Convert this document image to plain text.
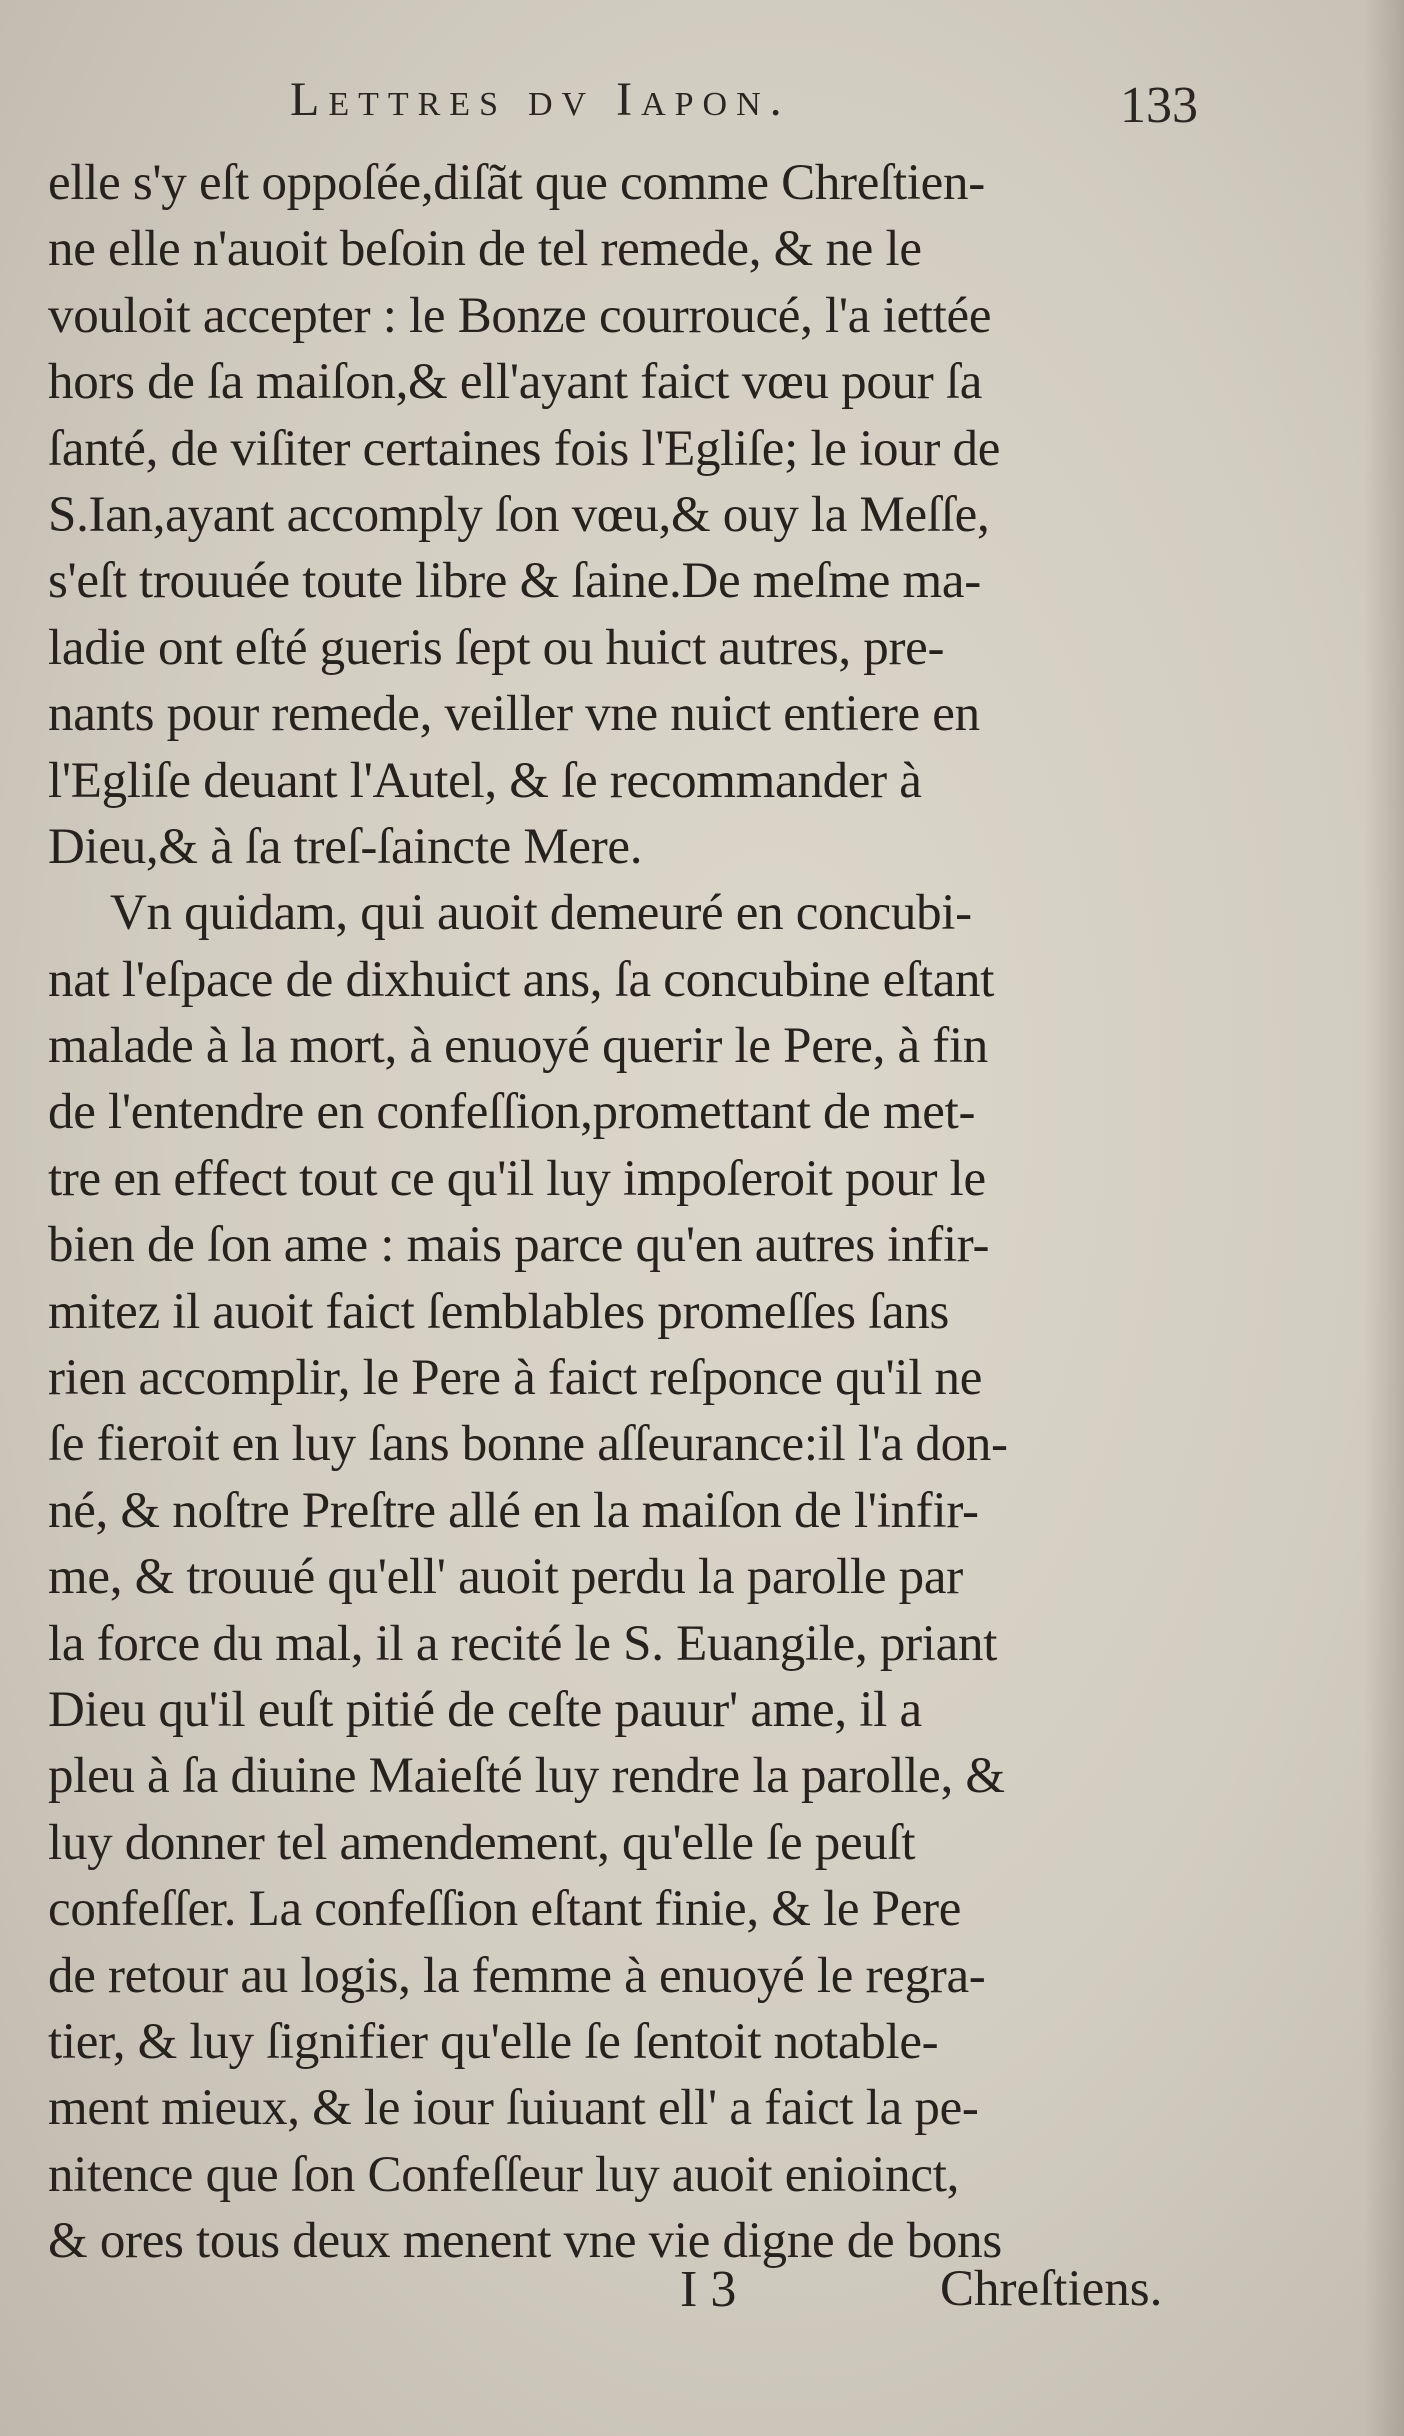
Lettres dv Iapon.	133
elle s'y eſt oppoſée,diſãt que comme Chreſtien-
ne elle n'auoit beſoin de tel remede, & ne le
vouloit accepter : le Bonze courroucé, l'a iettée
hors de ſa maiſon,& ell'ayant faict vœu pour ſa
ſanté, de viſiter certaines fois l'Egliſe; le iour de
S.Ian,ayant accomply ſon vœu,& ouy la Meſſe,
s'eſt trouuée toute libre & ſaine.De meſme ma-
ladie ont eſté gueris ſept ou huict autres, pre-
nants pour remede, veiller vne nuict entiere en
l'Egliſe deuant l'Autel, & ſe recommander à
Dieu,& à ſa treſ-ſaincte Mere.
Vn quidam, qui auoit demeuré en concubi-
nat l'eſpace de dixhuict ans, ſa concubine eſtant
malade à la mort, à enuoyé querir le Pere, à fin
de l'entendre en confeſſion,promettant de met-
tre en effect tout ce qu'il luy impoſeroit pour le
bien de ſon ame : mais parce qu'en autres infir-
mitez il auoit faict ſemblables promeſſes ſans
rien accomplir, le Pere à faict reſponce qu'il ne
ſe fieroit en luy ſans bonne aſſeurance:il l'a don-
né, & noſtre Preſtre allé en la maiſon de l'infir-
me, & trouué qu'ell' auoit perdu la parolle par
la force du mal, il a recité le S. Euangile, priant
Dieu qu'il euſt pitié de ceſte pauur' ame, il a
pleu à ſa diuine Maieſté luy rendre la parolle, &
luy donner tel amendement, qu'elle ſe peuſt
confeſſer. La confeſſion eſtant finie, & le Pere
de retour au logis, la femme à enuoyé le regra-
tier, & luy ſignifier qu'elle ſe ſentoit notable-
ment mieux, & le iour ſuiuant ell' a faict la pe-
nitence que ſon Confeſſeur luy auoit enioinct,
& ores tous deux menent vne vie digne de bons
I 3	Chreſtiens.
